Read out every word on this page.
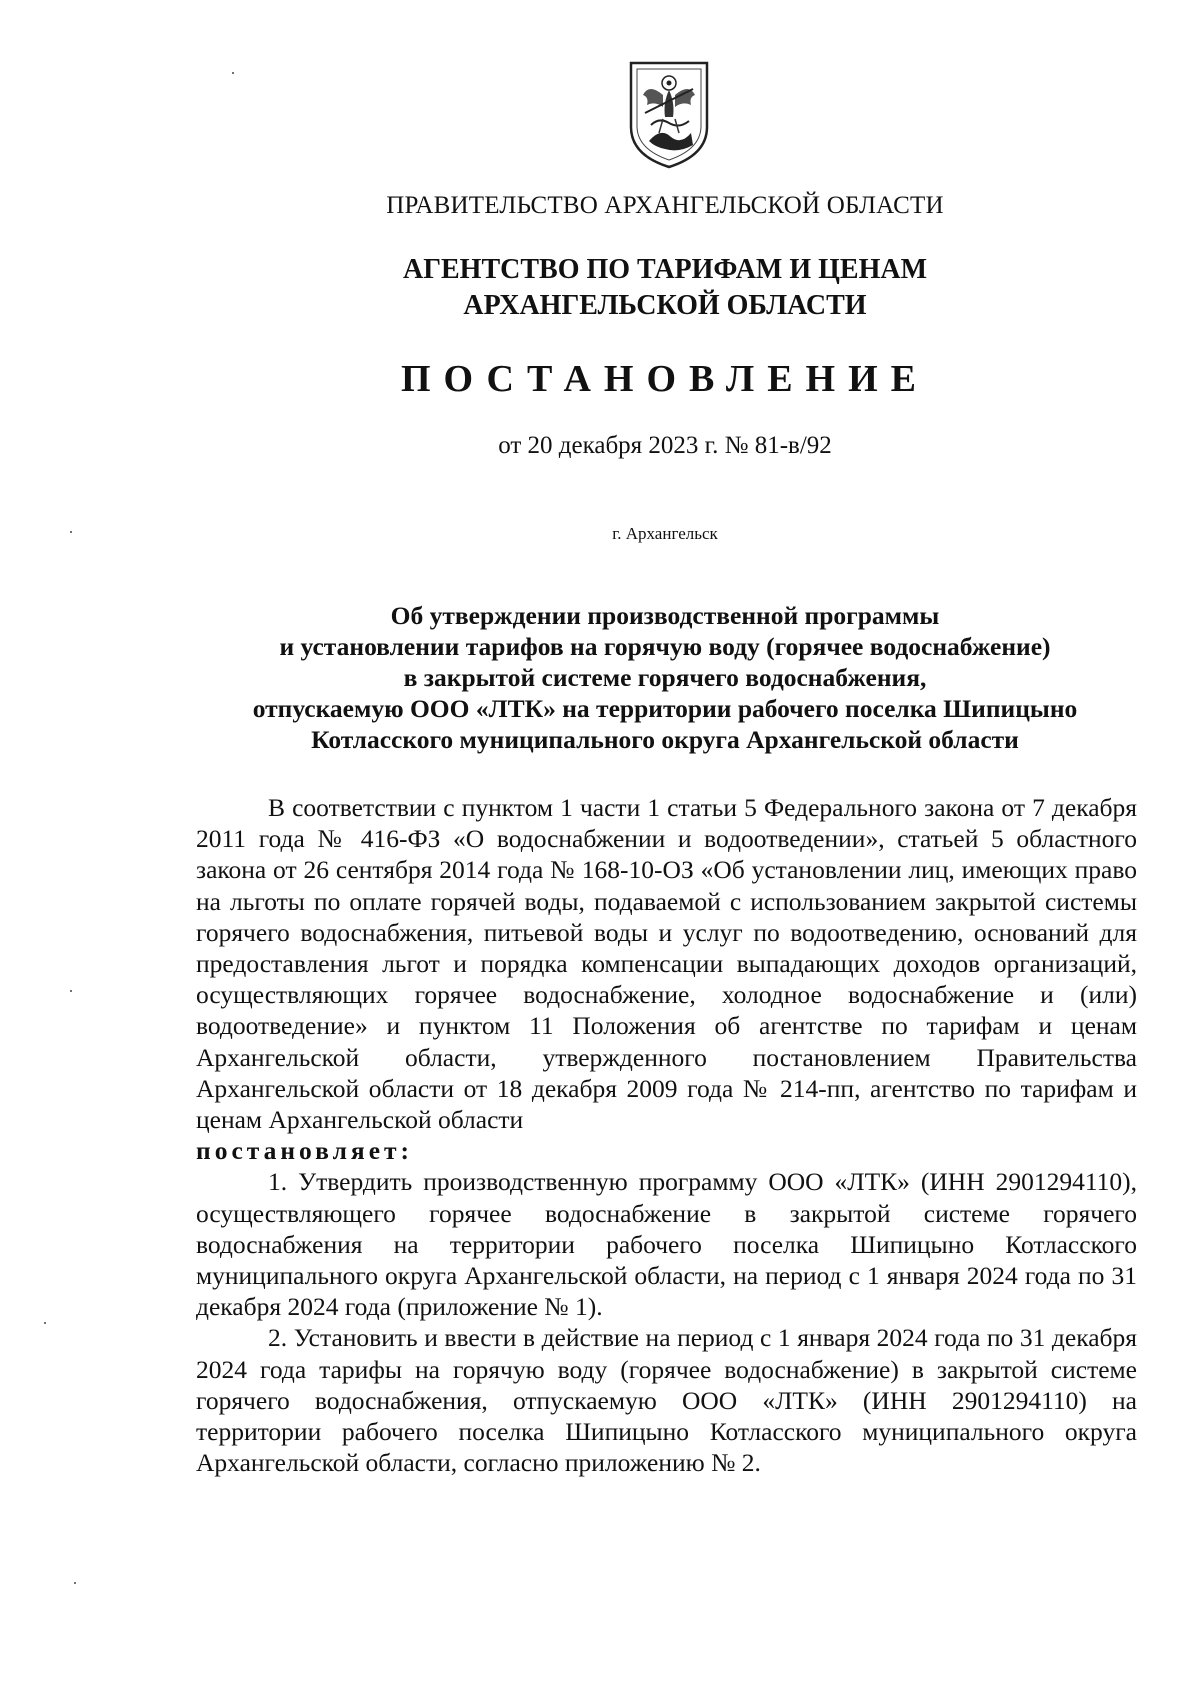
ПРАВИТЕЛЬСТВО АРХАНГЕЛЬСКОЙ ОБЛАСТИ
АГЕНТСТВО ПО ТАРИФАМ И ЦЕНАМ
АРХАНГЕЛЬСКОЙ ОБЛАСТИ
ПОСТАНОВЛЕНИЕ
от 20 декабря 2023 г. № 81-в/92
г. Архангельск
Об утверждении производственной программы
и установлении тарифов на горячую воду (горячее водоснабжение)
в закрытой системе горячего водоснабжения,
отпускаемую ООО «ЛТК» на территории рабочего поселка Шипицыно
Котласского муниципального округа Архангельской области

В соответствии с пунктом 1 части 1 статьи 5 Федерального закона от 7 декабря 2011 года № 416-ФЗ «О водоснабжении и водоотведении», статьей 5 областного закона от 26 сентября 2014 года № 168-10-ОЗ «Об установлении лиц, имеющих право на льготы по оплате горячей воды, подаваемой с использованием закрытой системы горячего водоснабжения, питьевой воды и услуг по водоотведению, оснований для предоставления льгот и порядка компенсации выпадающих доходов организаций, осуществляющих горячее водоснабжение, холодное водоснабжение и (или) водоотведение» и пунктом 11 Положения об агентстве по тарифам и ценам Архангельской области, утвержденного постановлением Правительства Архангельской области от 18 декабря 2009 года № 214-пп, агентство по тарифам и ценам Архангельской области

постановляет:

1. Утвердить производственную программу ООО «ЛТК» (ИНН 2901294110), осуществляющего горячее водоснабжение в закрытой системе горячего водоснабжения на территории рабочего поселка Шипицыно Котласского муниципального округа Архангельской области, на период с 1 января 2024 года по 31 декабря 2024 года (приложение № 1).

2. Установить и ввести в действие на период с 1 января 2024 года по 31 декабря 2024 года тарифы на горячую воду (горячее водоснабжение) в закрытой системе горячего водоснабжения, отпускаемую ООО «ЛТК» (ИНН 2901294110) на территории рабочего поселка Шипицыно Котласского муниципального округа Архангельской области, согласно приложению № 2.
